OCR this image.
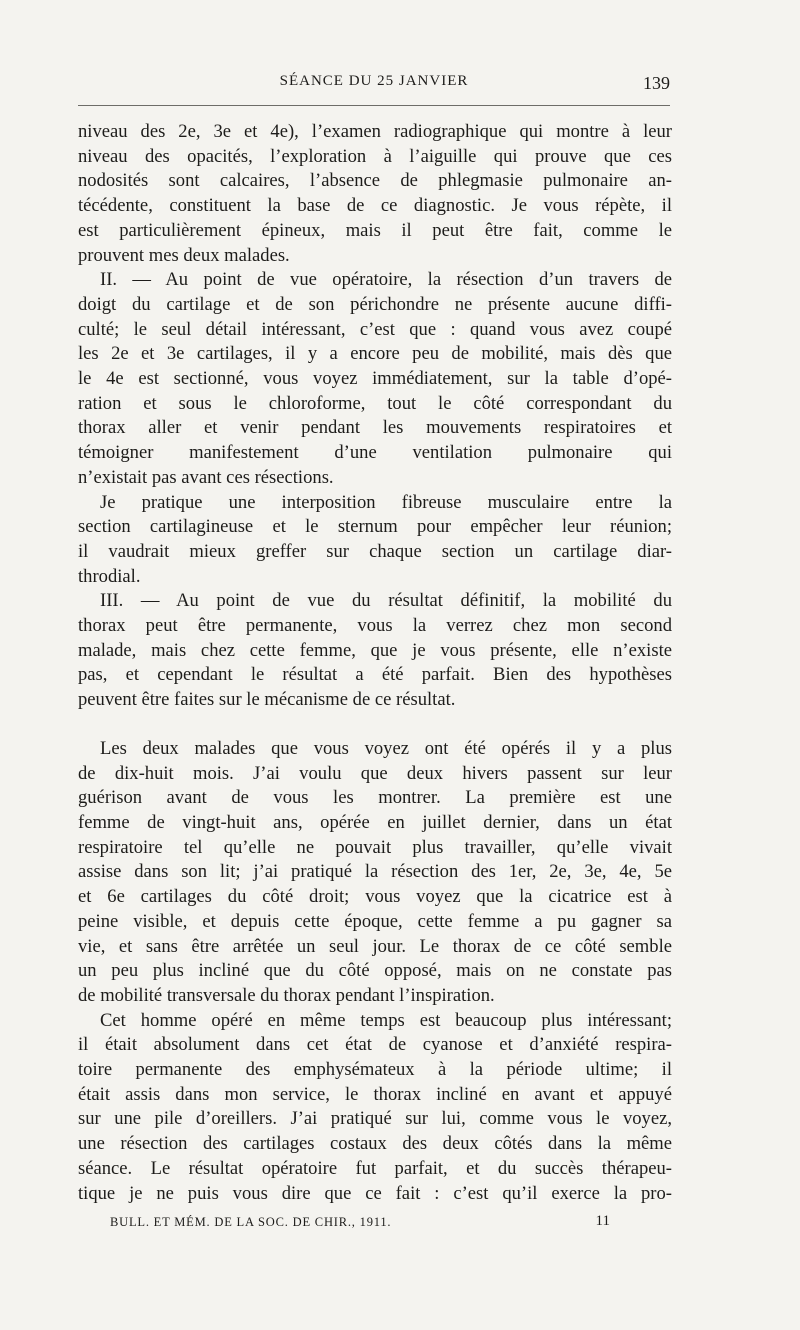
SÉANCE DU 25 JANVIER	139

niveau des 2e, 3e et 4e), l’examen radiographique qui montre à leur
niveau des opacités, l’exploration à l’aiguille qui prouve que ces
nodosités sont calcaires, l’absence de phlegmasie pulmonaire an-
técédente, constituent la base de ce diagnostic. Je vous répète, il
est particulièrement épineux, mais il peut être fait, comme le
prouvent mes deux malades.

II. — Au point de vue opératoire, la résection d’un travers de
doigt du cartilage et de son périchondre ne présente aucune diffi-
culté; le seul détail intéressant, c’est que : quand vous avez coupé
les 2e et 3e cartilages, il y a encore peu de mobilité, mais dès que
le 4e est sectionné, vous voyez immédiatement, sur la table d’opé-
ration et sous le chloroforme, tout le côté correspondant du
thorax aller et venir pendant les mouvements respiratoires et
témoigner manifestement d’une ventilation pulmonaire qui
n’existait pas avant ces résections.

Je pratique une interposition fibreuse musculaire entre la
section cartilagineuse et le sternum pour empêcher leur réunion;
il vaudrait mieux greffer sur chaque section un cartilage diar-
throdial.

III. — Au point de vue du résultat définitif, la mobilité du
thorax peut être permanente, vous la verrez chez mon second
malade, mais chez cette femme, que je vous présente, elle n’existe
pas, et cependant le résultat a été parfait. Bien des hypothèses
peuvent être faites sur le mécanisme de ce résultat.

Les deux malades que vous voyez ont été opérés il y a plus
de dix-huit mois. J’ai voulu que deux hivers passent sur leur
guérison avant de vous les montrer. La première est une
femme de vingt-huit ans, opérée en juillet dernier, dans un état
respiratoire tel qu’elle ne pouvait plus travailler, qu’elle vivait
assise dans son lit; j’ai pratiqué la résection des 1er, 2e, 3e, 4e, 5e
et 6e cartilages du côté droit; vous voyez que la cicatrice est à
peine visible, et depuis cette époque, cette femme a pu gagner sa
vie, et sans être arrêtée un seul jour. Le thorax de ce côté semble
un peu plus incliné que du côté opposé, mais on ne constate pas
de mobilité transversale du thorax pendant l’inspiration.

Cet homme opéré en même temps est beaucoup plus intéressant;
il était absolument dans cet état de cyanose et d’anxiété respira-
toire permanente des emphysémateux à la période ultime; il
était assis dans mon service, le thorax incliné en avant et appuyé
sur une pile d’oreillers. J’ai pratiqué sur lui, comme vous le voyez,
une résection des cartilages costaux des deux côtés dans la même
séance. Le résultat opératoire fut parfait, et du succès thérapeu-
tique je ne puis vous dire que ce fait : c’est qu’il exerce la pro-

BULL. ET MÉM. DE LA SOC. DE CHIR., 1911.	11
